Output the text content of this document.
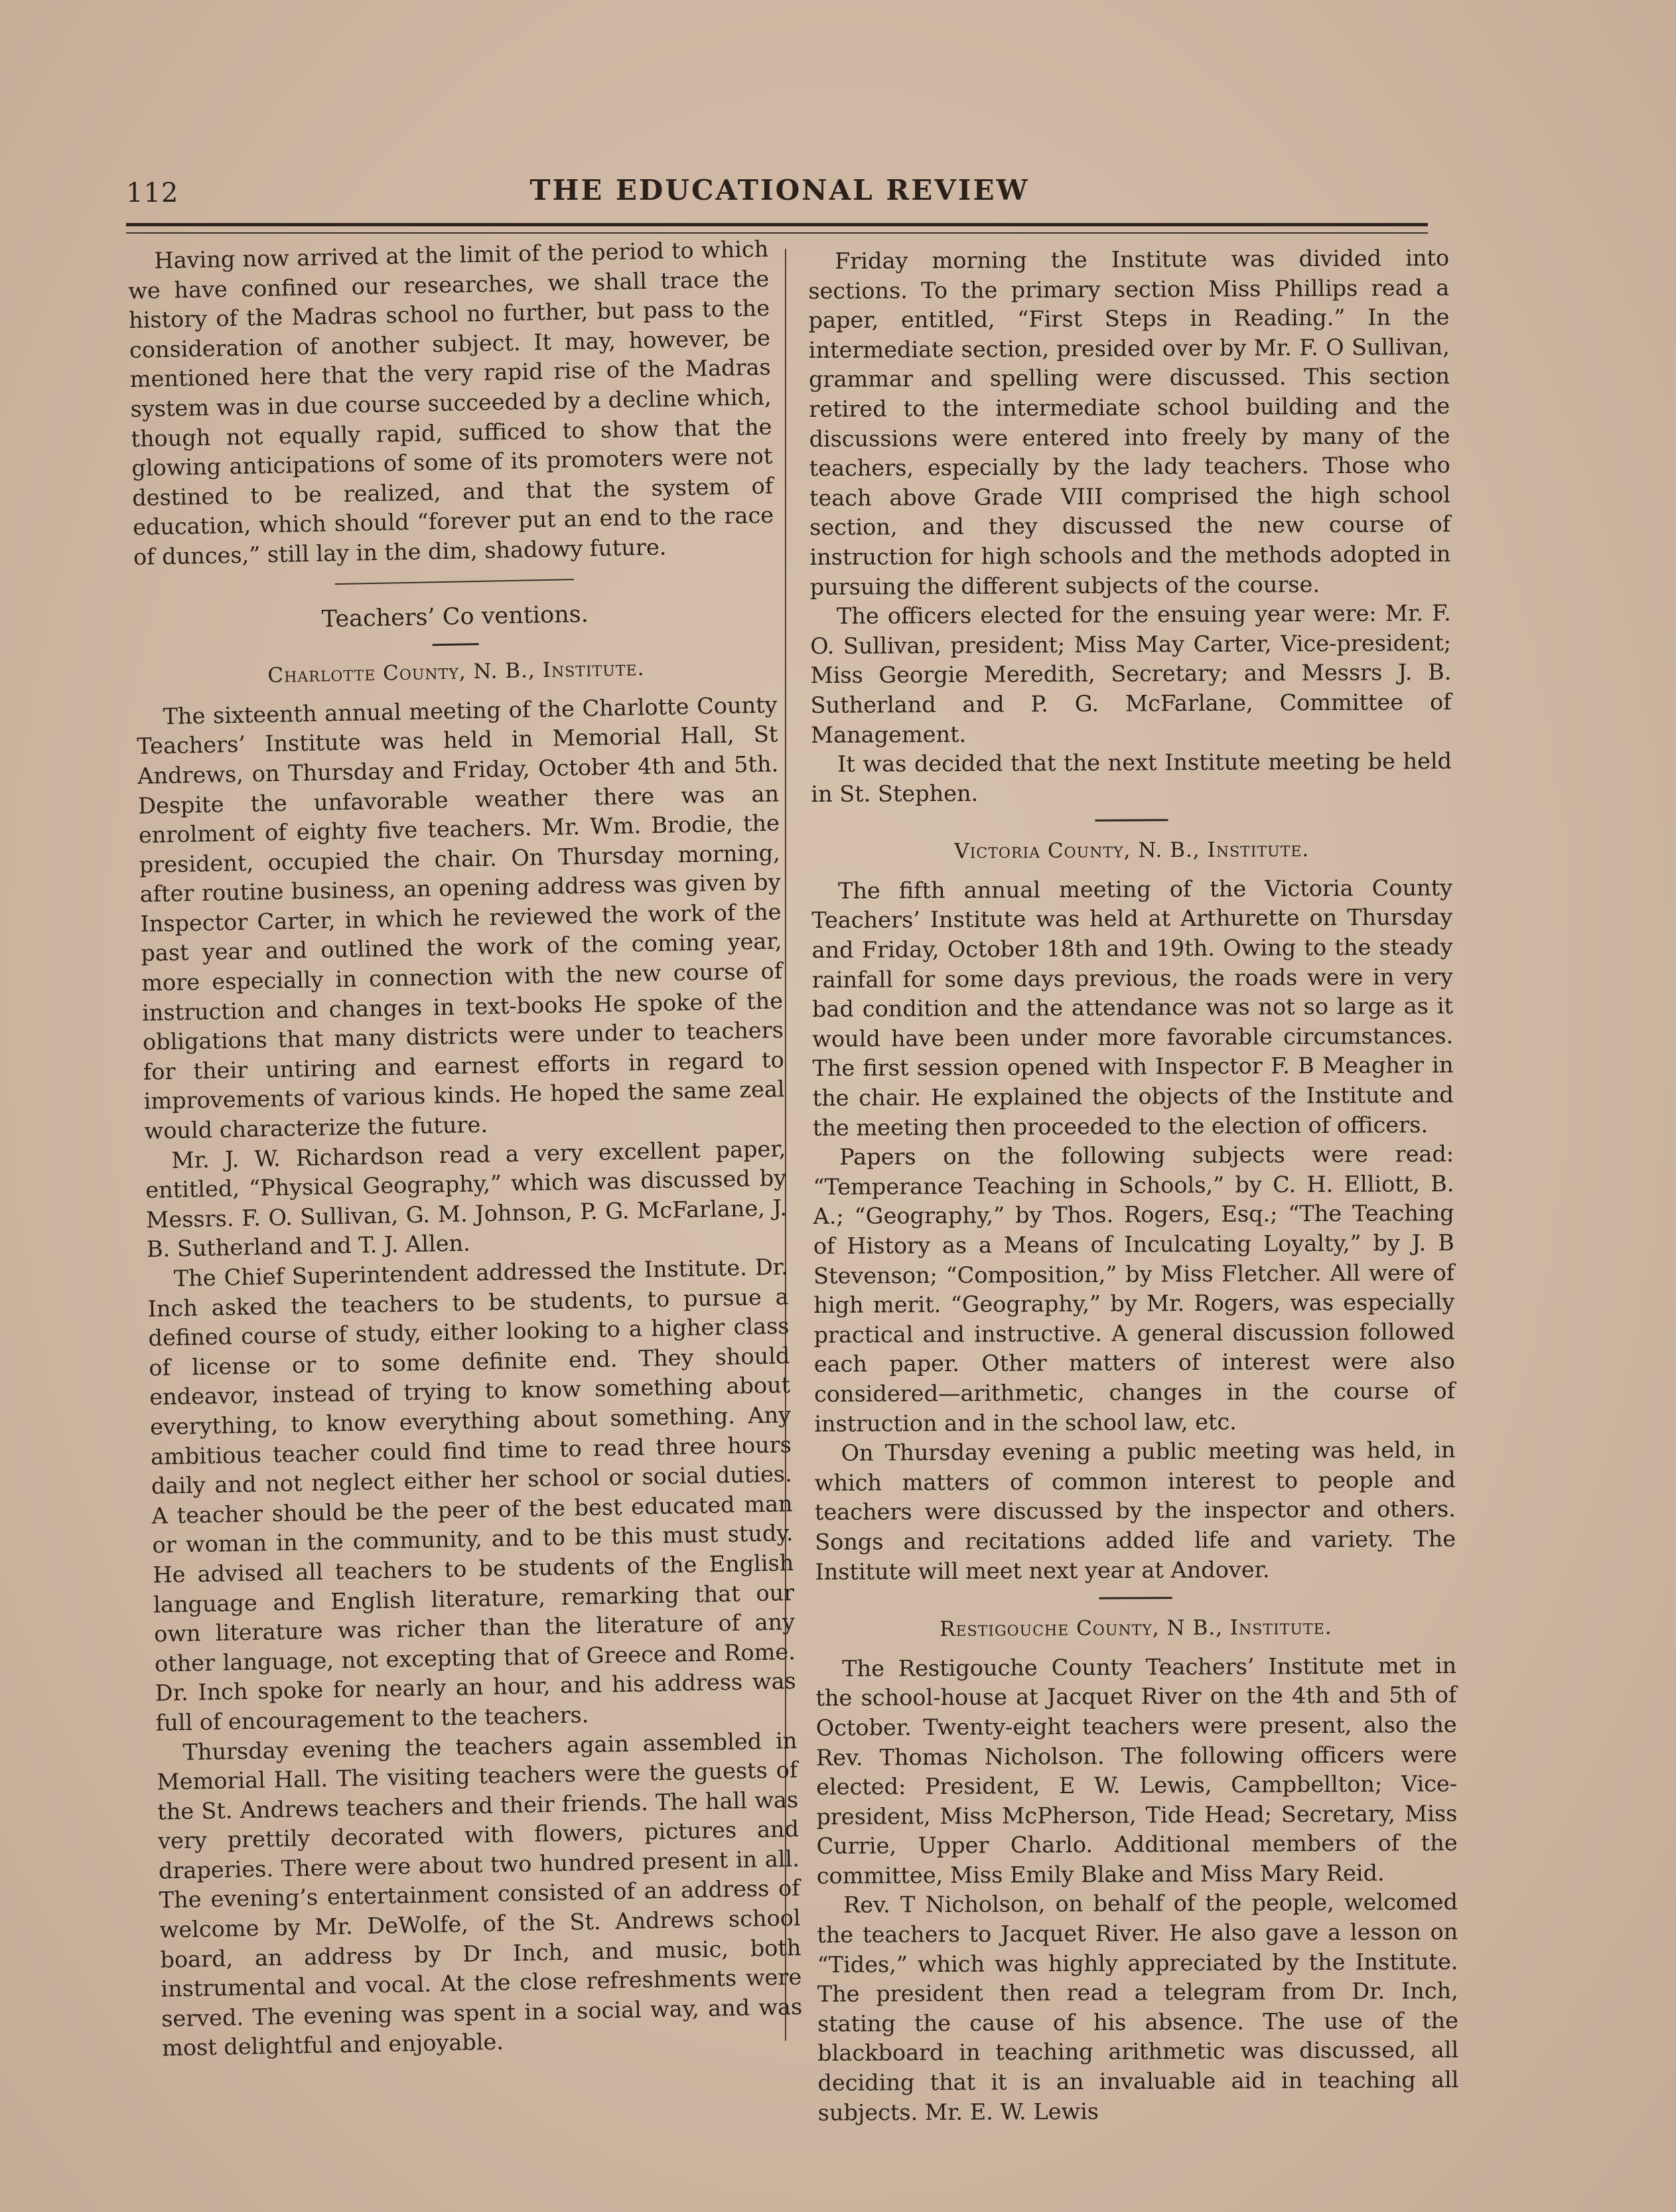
112	THE EDUCATIONAL REVIEW

Having now arrived at the limit of the period to which we have confined our researches, we shall trace the history of the Madras school no further, but pass to the consideration of another subject. It may, however, be mentioned here that the very rapid rise of the Madras system was in due course succeeded by a decline which, though not equally rapid, sufficed to show that the glowing anticipations of some of its promoters were not destined to be realized, and that the system of education, which should “forever put an end to the race of dunces,” still lay in the dim, shadowy future.

Teachers’ Co ventions.
Charlotte County, N. B., Institute.

The sixteenth annual meeting of the Charlotte County Teachers’ Institute was held in Memorial Hall, St Andrews, on Thursday and Friday, October 4th and 5th. Despite the unfavorable weather there was an enrolment of eighty five teachers. Mr. Wm. Brodie, the president, occupied the chair. On Thursday morning, after routine business, an opening address was given by Inspector Carter, in which he reviewed the work of the past year and outlined the work of the coming year, more especially in connection with the new course of instruction and changes in text-books He spoke of the obligations that many districts were under to teachers for their untiring and earnest efforts in regard to improvements of various kinds. He hoped the same zeal would characterize the future.

Mr. J. W. Richardson read a very excellent paper, entitled, “Physical Geography,” which was discussed by Messrs. F. O. Sullivan, G. M. Johnson, P. G. McFarlane, J. B. Sutherland and T. J. Allen.

The Chief Superintendent addressed the Institute. Dr. Inch asked the teachers to be students, to pursue a defined course of study, either looking to a higher class of license or to some definite end. They should endeavor, instead of trying to know something about everything, to know everything about something. Any ambitious teacher could find time to read three hours daily and not neglect either her school or social duties. A teacher should be the peer of the best educated man or woman in the community, and to be this must study. He advised all teachers to be students of the English language and English literature, remarking that our own literature was richer than the literature of any other language, not excepting that of Greece and Rome. Dr. Inch spoke for nearly an hour, and his address was full of encouragement to the teachers.

Thursday evening the teachers again assembled in Memorial Hall. The visiting teachers were the guests of the St. Andrews teachers and their friends. The hall was very prettily decorated with flowers, pictures and draperies. There were about two hundred present in all. The evening’s entertainment consisted of an address of welcome by Mr. DeWolfe, of the St. Andrews school board, an address by Dr Inch, and music, both instrumental and vocal. At the close refreshments were served. The evening was spent in a social way, and was most delightful and enjoyable.

Friday morning the Institute was divided into sections. To the primary section Miss Phillips read a paper, entitled, “First Steps in Reading.” In the intermediate section, presided over by Mr. F. O Sullivan, grammar and spelling were discussed. This section retired to the intermediate school building and the discussions were entered into freely by many of the teachers, especially by the lady teachers. Those who teach above Grade VIII comprised the high school section, and they discussed the new course of instruction for high schools and the methods adopted in pursuing the different subjects of the course.

The officers elected for the ensuing year were: Mr. F. O. Sullivan, president; Miss May Carter, Vice-president; Miss Georgie Meredith, Secretary; and Messrs J. B. Sutherland and P. G. McFarlane, Committee of Management.

It was decided that the next Institute meeting be held in St. Stephen.

Victoria County, N. B., Institute.

The fifth annual meeting of the Victoria County Teachers’ Institute was held at Arthurette on Thursday and Friday, October 18th and 19th. Owing to the steady rainfall for some days previous, the roads were in very bad condition and the attendance was not so large as it would have been under more favorable circumstances. The first session opened with Inspector F. B Meagher in the chair. He explained the objects of the Institute and the meeting then proceeded to the election of officers.

Papers on the following subjects were read: “Temperance Teaching in Schools,” by C. H. Elliott, B. A.; “Geography,” by Thos. Rogers, Esq.; “The Teaching of History as a Means of Inculcating Loyalty,” by J. B Stevenson; “Composition,” by Miss Fletcher. All were of high merit. “Geography,” by Mr. Rogers, was especially practical and instructive. A general discussion followed each paper. Other matters of interest were also considered—arithmetic, changes in the course of instruction and in the school law, etc.

On Thursday evening a public meeting was held, in which matters of common interest to people and teachers were discussed by the inspector and others. Songs and recitations added life and variety. The Institute will meet next year at Andover.

Restigouche County, N B., Institute.

The Restigouche County Teachers’ Institute met in the school-house at Jacquet River on the 4th and 5th of October. Twenty-eight teachers were present, also the Rev. Thomas Nicholson. The following officers were elected: President, E W. Lewis, Campbellton; Vice-president, Miss McPherson, Tide Head; Secretary, Miss Currie, Upper Charlo. Additional members of the committee, Miss Emily Blake and Miss Mary Reid.

Rev. T Nicholson, on behalf of the people, welcomed the teachers to Jacquet River. He also gave a lesson on “Tides,” which was highly appreciated by the Institute. The president then read a telegram from Dr. Inch, stating the cause of his absence. The use of the blackboard in teaching arithmetic was discussed, all deciding that it is an invaluable aid in teaching all subjects. Mr. E. W. Lewis
